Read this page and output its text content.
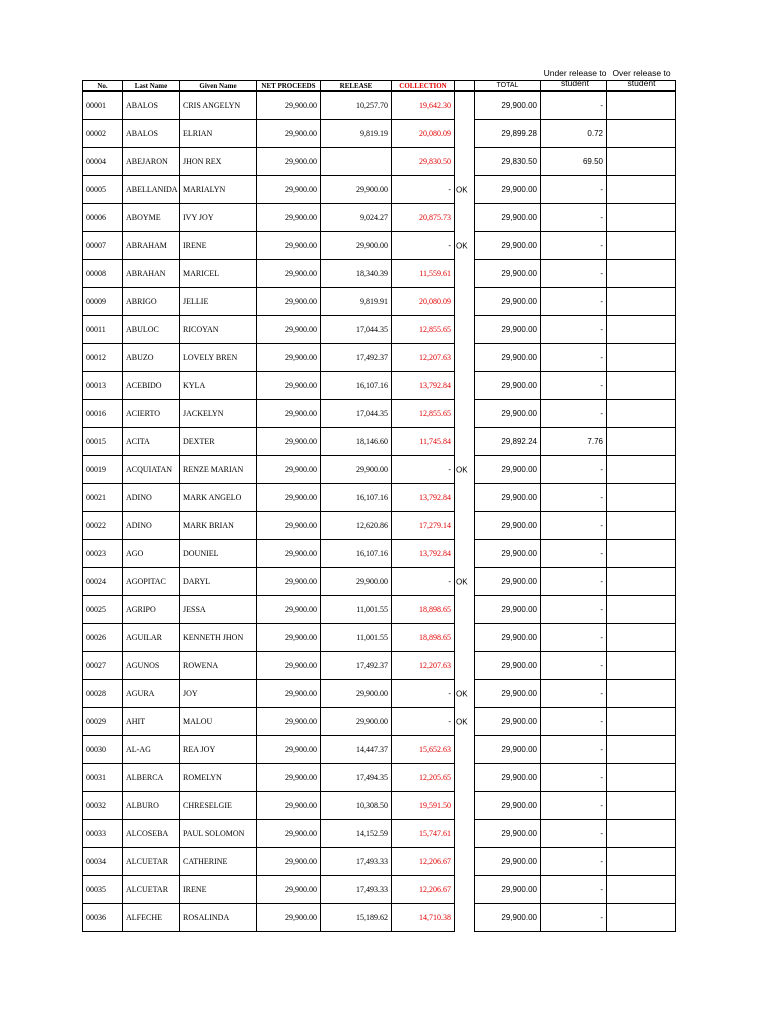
Under release to student
Over release to student
No.	Last Name	Given Name	NET PROCEEDS	RELEASE	COLLECTION		TOTAL		
00001	ABALOS	CRIS ANGELYN	29,900.00	10,257.70	19,642.30		29,900.00	-	
00002	ABALOS	ELRIAN	29,900.00	9,819.19	20,080.09		29,899.28	0.72	
00004	ABEJARON	JHON REX	29,900.00		29,830.50		29,830.50	69.50	
00005	ABELLANIDA	MARIALYN	29,900.00	29,900.00	-	OK	29,900.00	-	
00006	ABOYME	IVY JOY	29,900.00	9,024.27	20,875.73		29,900.00	-	
00007	ABRAHAM	IRENE	29,900.00	29,900.00	-	OK	29,900.00	-	
00008	ABRAHAN	MARICEL	29,900.00	18,340.39	11,559.61		29,900.00	-	
00009	ABRIGO	JELLIE	29,900.00	9,819.91	20,080.09		29,900.00	-	
00011	ABULOC	RICOYAN	29,900.00	17,044.35	12,855.65		29,900.00	-	
00012	ABUZO	LOVELY BREN	29,900.00	17,492.37	12,207.63		29,900.00	-	
00013	ACEBIDO	KYLA	29,900.00	16,107.16	13,792.84		29,900.00	-	
00016	ACIERTO	JACKELYN	29,900.00	17,044.35	12,855.65		29,900.00	-	
00015	ACITA	DEXTER	29,900.00	18,146.60	11,745.84		29,892.24	7.76	
00019	ACQUIATAN	RENZE MARIAN	29,900.00	29,900.00	-	OK	29,900.00	-	
00021	ADINO	MARK ANGELO	29,900.00	16,107.16	13,792.84		29,900.00	-	
00022	ADINO	MARK BRIAN	29,900.00	12,620.86	17,279.14		29,900.00	-	
00023	AGO	DOUNIEL	29,900.00	16,107.16	13,792.84		29,900.00	-	
00024	AGOPITAC	DARYL	29,900.00	29,900.00	-	OK	29,900.00	-	
00025	AGRIPO	JESSA	29,900.00	11,001.55	18,898.65		29,900.00	-	
00026	AGUILAR	KENNETH JHON	29,900.00	11,001.55	18,898.65		29,900.00	-	
00027	AGUNOS	ROWENA	29,900.00	17,492.37	12,207.63		29,900.00	-	
00028	AGURA	JOY	29,900.00	29,900.00	-	OK	29,900.00	-	
00029	AHIT	MALOU	29,900.00	29,900.00	-	OK	29,900.00	-	
00030	AL-AG	REA JOY	29,900.00	14,447.37	15,652.63		29,900.00	-	
00031	ALBERCA	ROMELYN	29,900.00	17,494.35	12,205.65		29,900.00	-	
00032	ALBURO	CHRESELGIE	29,900.00	10,308.50	19,591.50		29,900.00	-	
00033	ALCOSEBA	PAUL SOLOMON	29,900.00	14,152.59	15,747.61		29,900.00	-	
00034	ALCUETAR	CATHERINE	29,900.00	17,493.33	12,206.67		29,900.00	-	
00035	ALCUETAR	IRENE	29,900.00	17,493.33	12,206.67		29,900.00	-	
00036	ALFECHE	ROSALINDA	29,900.00	15,189.62	14,710.38		29,900.00	-	
